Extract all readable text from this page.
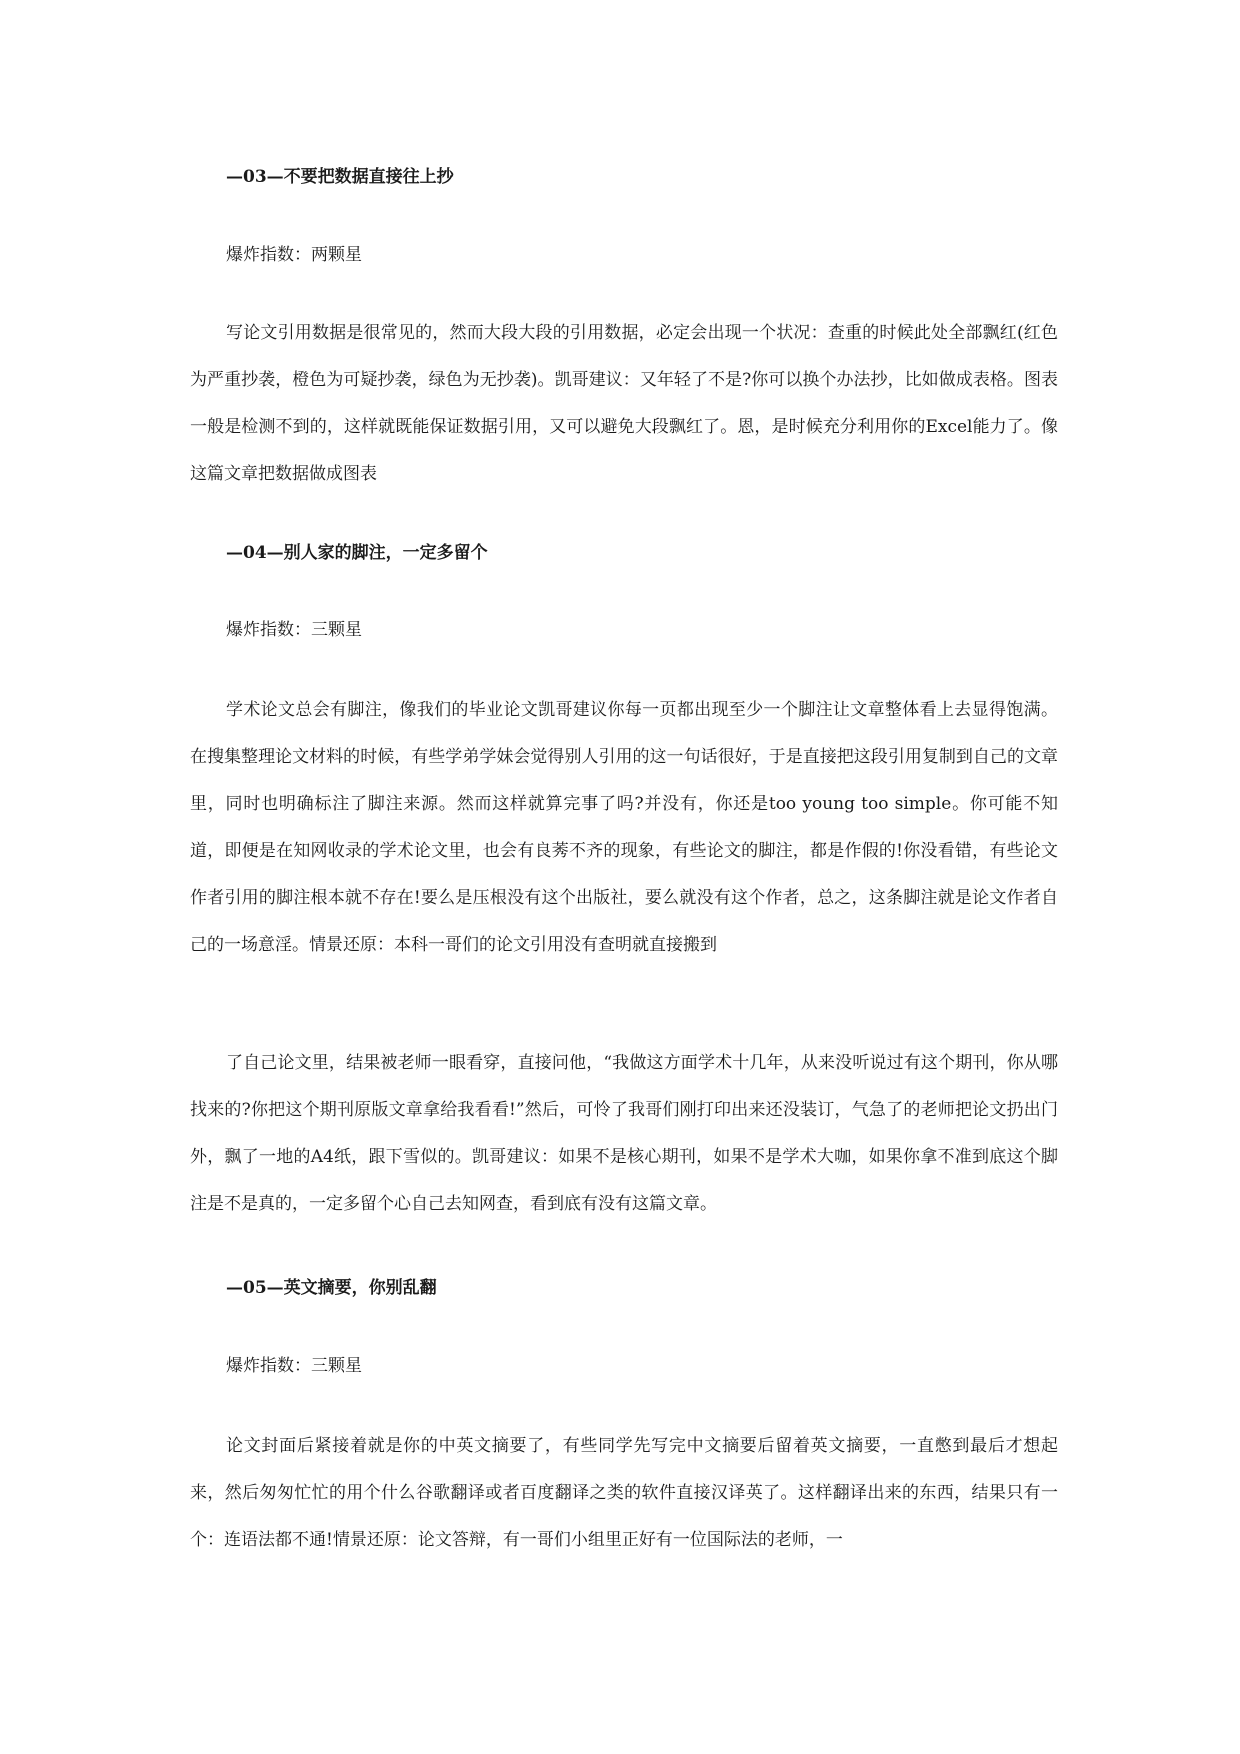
—03—不要把数据直接往上抄
爆炸指数：两颗星

写论文引用数据是很常见的，然而大段大段的引用数据，必定会出现一个状况：查重的时候此处全部飘红(红色为严重抄袭，橙色为可疑抄袭，绿色为无抄袭)。凯哥建议：又年轻了不是?你可以换个办法抄，比如做成表格。图表一般是检测不到的，这样就既能保证数据引用，又可以避免大段飘红了。恩，是时候充分利用你的Excel能力了。像这篇文章把数据做成图表

—04—别人家的脚注，一定多留个
爆炸指数：三颗星

学术论文总会有脚注，像我们的毕业论文凯哥建议你每一页都出现至少一个脚注让文章整体看上去显得饱满。在搜集整理论文材料的时候，有些学弟学妹会觉得别人引用的这一句话很好，于是直接把这段引用复制到自己的文章里，同时也明确标注了脚注来源。然而这样就算完事了吗?并没有，你还是too young too simple。你可能不知道，即便是在知网收录的学术论文里，也会有良莠不齐的现象，有些论文的脚注，都是作假的!你没看错，有些论文作者引用的脚注根本就不存在!要么是压根没有这个出版社，要么就没有这个作者，总之，这条脚注就是论文作者自己的一场意淫。情景还原：本科一哥们的论文引用没有查明就直接搬到

了自己论文里，结果被老师一眼看穿，直接问他，“我做这方面学术十几年，从来没听说过有这个期刊，你从哪找来的?你把这个期刊原版文章拿给我看看!”然后，可怜了我哥们刚打印出来还没装订，气急了的老师把论文扔出门外，飘了一地的A4纸，跟下雪似的。凯哥建议：如果不是核心期刊，如果不是学术大咖，如果你拿不准到底这个脚注是不是真的，一定多留个心自己去知网查，看到底有没有这篇文章。

—05—英文摘要，你别乱翻
爆炸指数：三颗星

论文封面后紧接着就是你的中英文摘要了，有些同学先写完中文摘要后留着英文摘要，一直憋到最后才想起来，然后匆匆忙忙的用个什么谷歌翻译或者百度翻译之类的软件直接汉译英了。这样翻译出来的东西，结果只有一个：连语法都不通!情景还原：论文答辩，有一哥们小组里正好有一位国际法的老师，一
